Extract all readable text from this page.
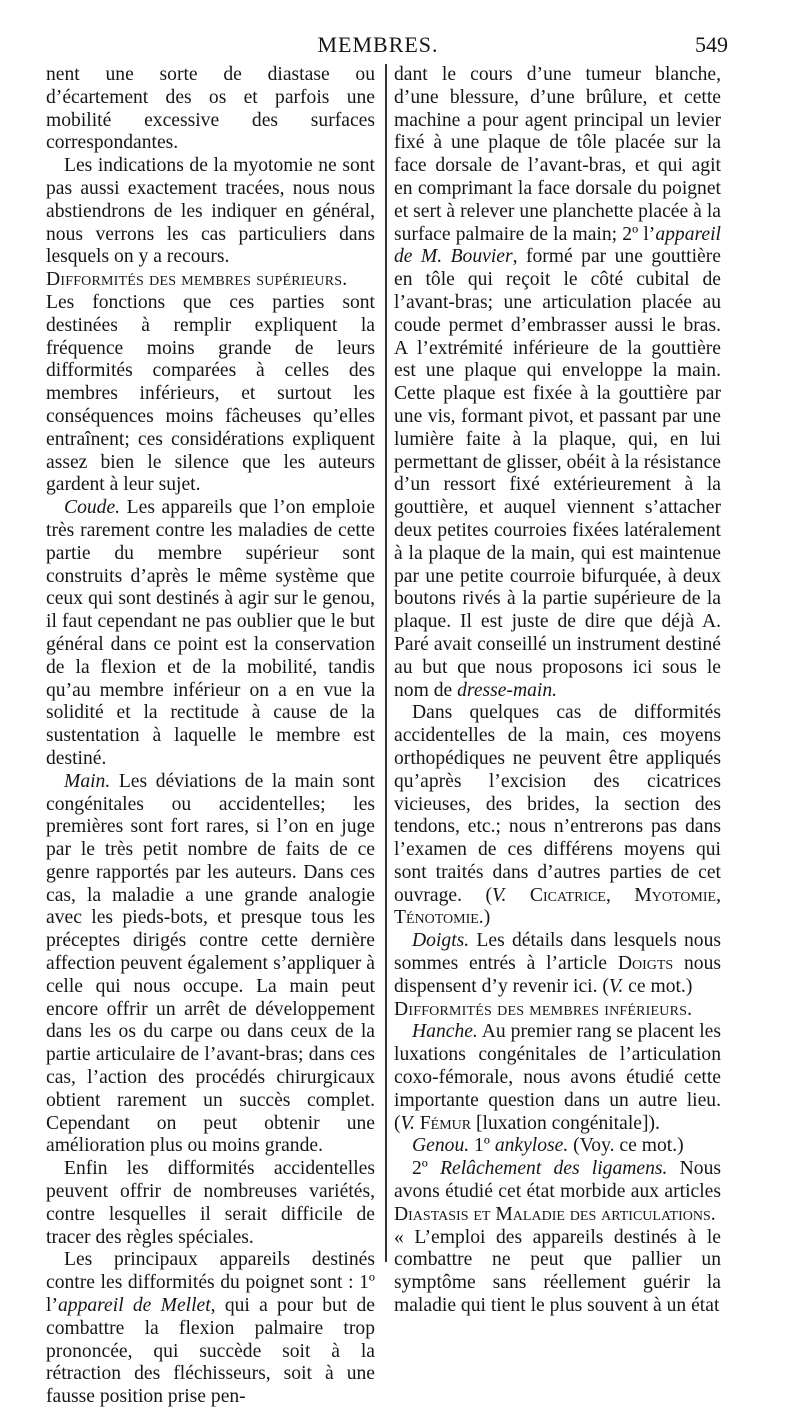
MEMBRES.	549

nent une sorte de diastase ou d’écartement des os et parfois une mobilité excessive des surfaces correspondantes.

Les indications de la myotomie ne sont pas aussi exactement tracées, nous nous abstiendrons de les indiquer en général, nous verrons les cas particuliers dans lesquels on y a recours.

Difformités des membres supérieurs.

Les fonctions que ces parties sont destinées à remplir expliquent la fréquence moins grande de leurs difformités comparées à celles des membres inférieurs, et surtout les conséquences moins fâcheuses qu’elles entraînent; ces considérations expliquent assez bien le silence que les auteurs gardent à leur sujet.

Coude. Les appareils que l’on emploie très rarement contre les maladies de cette partie du membre supérieur sont construits d’après le même système que ceux qui sont destinés à agir sur le genou, il faut cependant ne pas oublier que le but général dans ce point est la conservation de la flexion et de la mobilité, tandis qu’au membre inférieur on a en vue la solidité et la rectitude à cause de la sustentation à laquelle le membre est destiné.

Main. Les déviations de la main sont congénitales ou accidentelles; les premières sont fort rares, si l’on en juge par le très petit nombre de faits de ce genre rapportés par les auteurs. Dans ces cas, la maladie a une grande analogie avec les pieds-bots, et presque tous les préceptes dirigés contre cette dernière affection peuvent également s’appliquer à celle qui nous occupe. La main peut encore offrir un arrêt de développement dans les os du carpe ou dans ceux de la partie articulaire de l’avant-bras; dans ces cas, l’action des procédés chirurgicaux obtient rarement un succès complet. Cependant on peut obtenir une amélioration plus ou moins grande.

Enfin les difformités accidentelles peuvent offrir de nombreuses variétés, contre lesquelles il serait difficile de tracer des règles spéciales.

Les principaux appareils destinés contre les difformités du poignet sont : 1º l’appareil de Mellet, qui a pour but de combattre la flexion palmaire trop prononcée, qui succède soit à la rétraction des fléchisseurs, soit à une fausse position prise pen-

dant le cours d’une tumeur blanche, d’une blessure, d’une brûlure, et cette machine a pour agent principal un levier fixé à une plaque de tôle placée sur la face dorsale de l’avant-bras, et qui agit en comprimant la face dorsale du poignet et sert à relever une planchette placée à la surface palmaire de la main; 2º l’appareil de M. Bouvier, formé par une gouttière en tôle qui reçoit le côté cubital de l’avant-bras; une articulation placée au coude permet d’embrasser aussi le bras. A l’extrémité inférieure de la gouttière est une plaque qui enveloppe la main. Cette plaque est fixée à la gouttière par une vis, formant pivot, et passant par une lumière faite à la plaque, qui, en lui permettant de glisser, obéit à la résistance d’un ressort fixé extérieurement à la gouttière, et auquel viennent s’attacher deux petites courroies fixées latéralement à la plaque de la main, qui est maintenue par une petite courroie bifurquée, à deux boutons rivés à la partie supérieure de la plaque. Il est juste de dire que déjà A. Paré avait conseillé un instrument destiné au but que nous proposons ici sous le nom de dresse-main.

Dans quelques cas de difformités accidentelles de la main, ces moyens orthopédiques ne peuvent être appliqués qu’après l’excision des cicatrices vicieuses, des brides, la section des tendons, etc.; nous n’entrerons pas dans l’examen de ces différens moyens qui sont traités dans d’autres parties de cet ouvrage. (V. Cicatrice, Myotomie, Ténotomie.)

Doigts. Les détails dans lesquels nous sommes entrés à l’article Doigts nous dispensent d’y revenir ici. (V. ce mot.)

Difformités des membres inférieurs.

Hanche. Au premier rang se placent les luxations congénitales de l’articulation coxo-fémorale, nous avons étudié cette importante question dans un autre lieu. (V. Fémur [luxation congénitale]).

Genou. 1º ankylose. (Voy. ce mot.)

2º Relâchement des ligamens. Nous avons étudié cet état morbide aux articles Diastasis et Maladie des articulations.

« L’emploi des appareils destinés à le combattre ne peut que pallier un symptôme sans réellement guérir la maladie qui tient le plus souvent à un état
